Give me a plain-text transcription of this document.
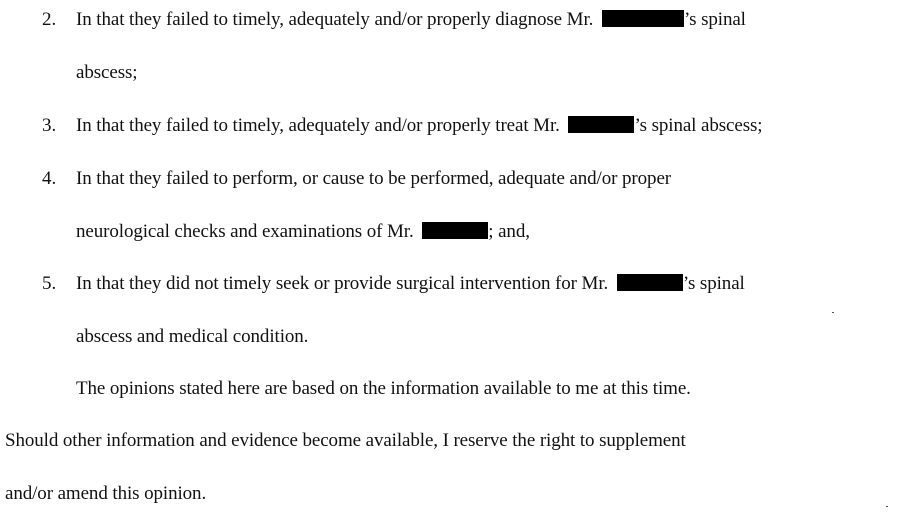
2. In that they failed to timely, adequately and/or properly diagnose Mr.	’s spinal
abscess;
3. In that they failed to timely, adequately and/or properly treat Mr.	’s spinal abscess;
4. In that they failed to perform, or cause to be performed, adequate and/or proper
neurological checks and examinations of Mr.	; and,
5. In that they did not timely seek or provide surgical intervention for Mr.	’s spinal
abscess and medical condition.
The opinions stated here are based on the information available to me at this time.
Should other information and evidence become available, I reserve the right to supplement
and/or amend this opinion.
